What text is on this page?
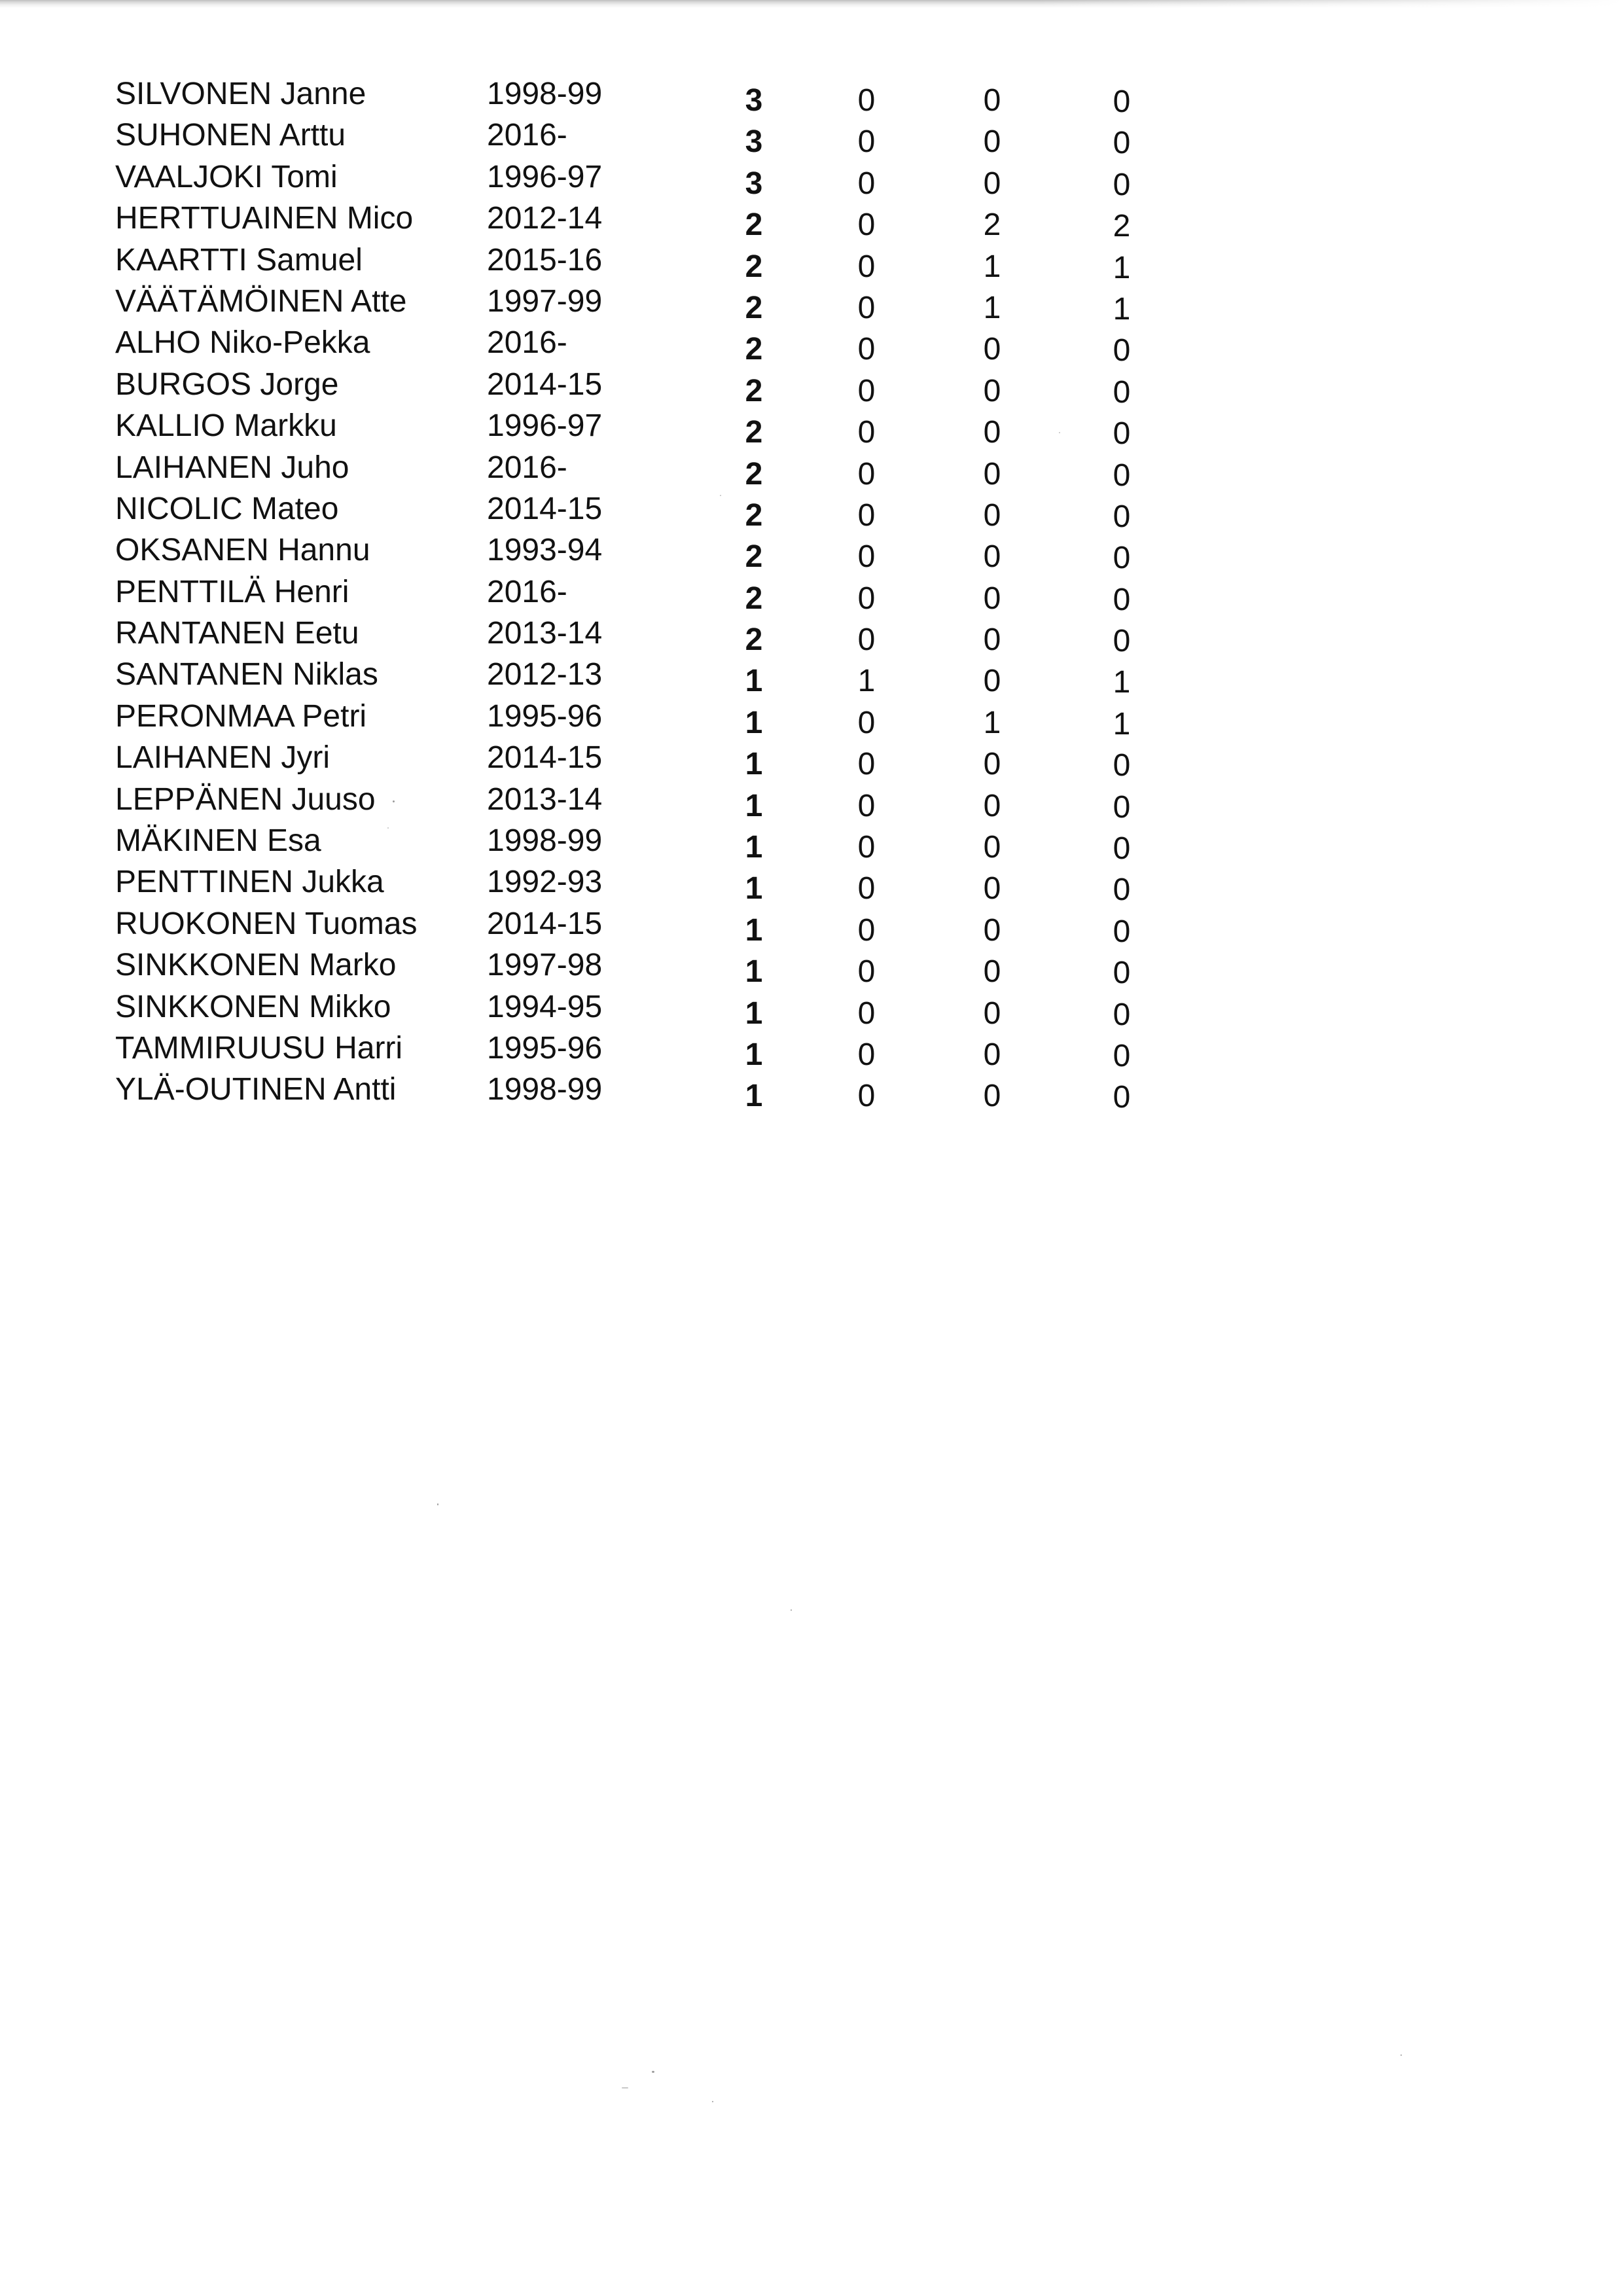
SILVONEN Janne	1998-99	3	0	0	0
SUHONEN Arttu	2016-	3	0	0	0
VAALJOKI Tomi	1996-97	3	0	0	0
HERTTUAINEN Mico 2012-14	2	0	2	2
KAARTTI Samuel	2015-16	2	0	1	1
VÄÄTÄMÖINEN Atte	1997-99	2	0	1	1
ALHO Niko-Pekka	2016-	2	0	0	0
BURGOS Jorge	2014-15	2	0	0	0
KALLIO Markku	1996-97	2	0	0	0
LAIHANEN Juho	2016-	2	0	0	0
NICOLIC Mateo	2014-15	2	0	0	0
OKSANEN Hannu	1993-94	2	0	0	0
PENTTILÄ Henri	2016-	2	0	0	0
RANTANEN Eetu	2013-14	2	0	0	0
SANTANEN Niklas	2012-13	1	1	0	1
PERONMAA Petri	1995-96	1	0	1	1
LAIHANEN Jyri	2014-15	1	0	0	0
LEPPÄNEN Juuso	2013-14	1	0	0	0
MÄKINEN Esa	1998-99	1	0	0	0
PENTTINEN Jukka	1992-93	1	0	0	0
RUOKONEN Tuomas 2014-15	1	0	0	0
SINKKONEN Marko	1997-98	1	0	0	0
SINKKONEN Mikko	1994-95	1	0	0	0
TAMMIRUUSU Harri	1995-96	1	0	0	0
YLÄ-OUTINEN Antti	1998-99	1	0	0	0
